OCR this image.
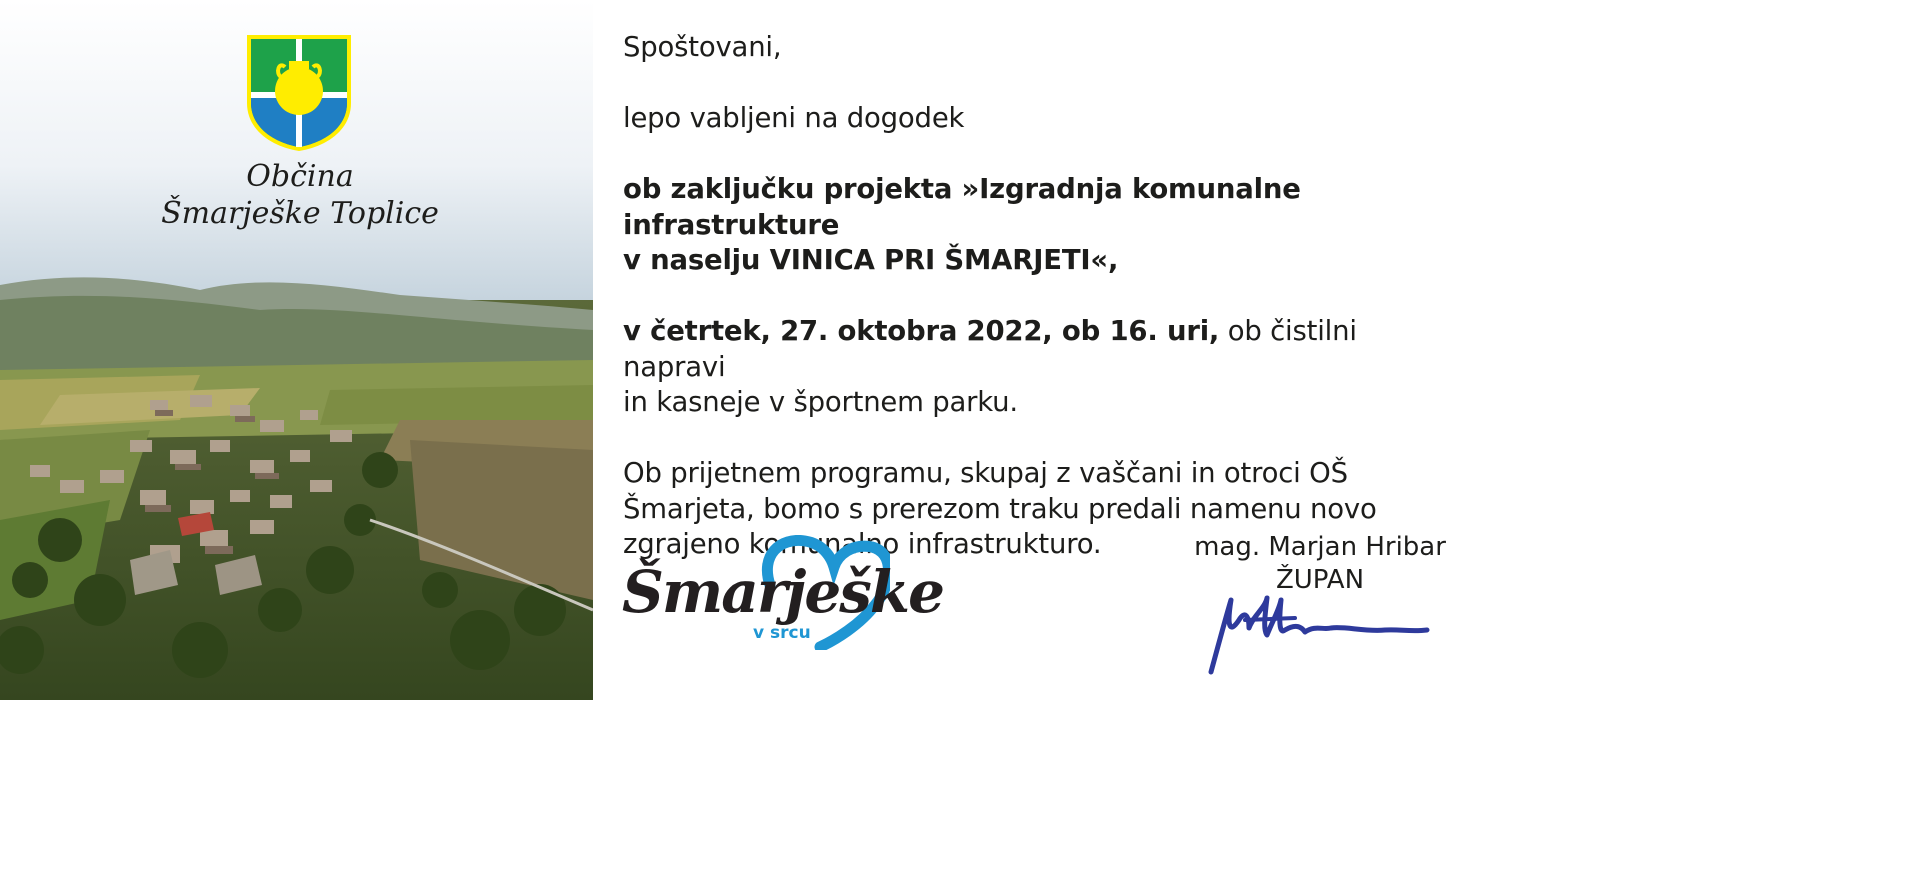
Občina
Šmarješke Toplice

Spoštovani,

lepo vabljeni na dogodek

ob zaključku projekta »Izgradnja komunalne infrastrukture

v naselju VINICA PRI ŠMARJETI«,

v četrtek, 27. oktobra 2022, ob 16. uri, ob čistilni napravi

in kasneje v športnem parku.

Ob prijetnem programu, skupaj z vaščani in otroci OŠ

Šmarjeta, bomo s prerezom traku predali namenu novo

zgrajeno komunalno infrastrukturo.

Šmarješke
v srcu
mag. Marjan Hribar
ŽUPAN
